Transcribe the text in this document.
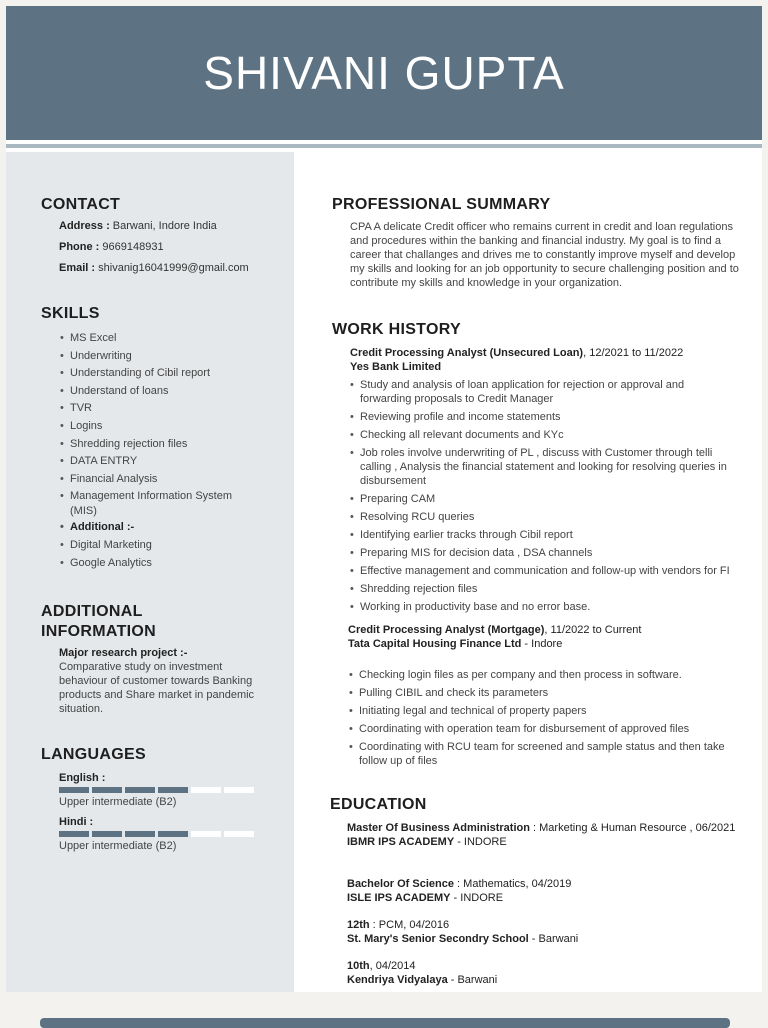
SHIVANI GUPTA
CONTACT
Address : Barwani, Indore India
Phone : 9669148931
Email : shivanig16041999@gmail.com
SKILLS
• MS Excel
• Underwriting
• Understanding of Cibil report
• Understand of loans
• TVR
• Logins
• Shredding rejection files
• DATA ENTRY
• Financial Analysis
• Management Information System (MIS)
• Additional :-
• Digital Marketing
• Google Analytics
ADDITIONAL
INFORMATION
Major research project :-
Comparative study on investment behaviour of customer towards Banking products and Share market in pandemic situation.
LANGUAGES
English :
Upper intermediate (B2)
Hindi :
Upper intermediate (B2)
PROFESSIONAL SUMMARY
CPA A delicate Credit officer who remains current in credit and loan regulations and procedures within the banking and financial industry. My goal is to find a career that challanges and drives me to constantly improve myself and develop my skills and looking for an job opportunity to secure challenging position and to contribute my skills and knowledge in your organization.
WORK HISTORY
Credit Processing Analyst (Unsecured Loan), 12/2021 to 11/2022
Yes Bank Limited
• Study and analysis of loan application for rejection or approval and forwarding proposals to Credit Manager
• Reviewing profile and income statements
• Checking all relevant documents and KYc
• Job roles involve underwriting of PL , discuss with Customer through telli calling , Analysis the financial statement and looking for resolving queries in disbursement
• Preparing CAM
• Resolving RCU queries
• Identifying earlier tracks through Cibil report
• Preparing MIS for decision data , DSA channels
• Effective management and communication and follow-up with vendors for FI
• Shredding rejection files
• Working in productivity base and no error base.
Credit Processing Analyst (Mortgage), 11/2022 to Current
Tata Capital Housing Finance Ltd - Indore
• Checking login files as per company and then process in software.
• Pulling CIBIL and check its parameters
• Initiating legal and technical of property papers
• Coordinating with operation team for disbursement of approved files
• Coordinating with RCU team for screened and sample status and then take follow up of files
EDUCATION
Master Of Business Administration : Marketing & Human Resource , 06/2021
IBMR IPS ACADEMY - INDORE
Bachelor Of Science : Mathematics, 04/2019
ISLE IPS ACADEMY - INDORE
12th : PCM, 04/2016
St. Mary's Senior Secondry School - Barwani
10th, 04/2014
Kendriya Vidyalaya - Barwani
